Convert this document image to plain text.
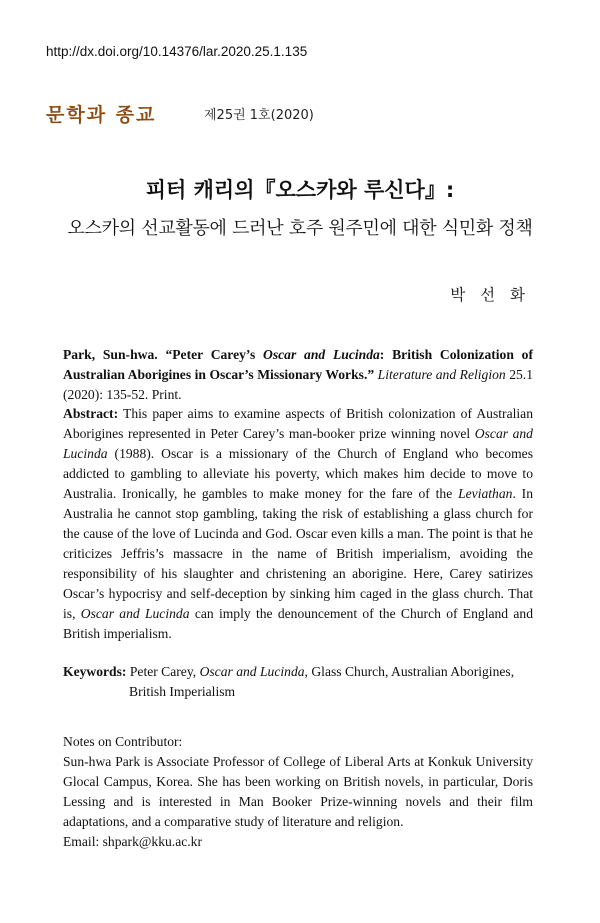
http://dx.doi.org/10.14376/lar.2020.25.1.135
문학과 종교	제25권 1호(2020)
피터 캐리의『오스카와 루신다』:
오스카의 선교활동에 드러난 호주 원주민에 대한 식민화 정책
박 선 화
Park, Sun-hwa. “Peter Carey’s Oscar and Lucinda: British Colonization of Australian Aborigines in Oscar’s Missionary Works.” Literature and Religion 25.1 (2020): 135-52. Print.
Abstract: This paper aims to examine aspects of British colonization of Australian Aborigines represented in Peter Carey’s man-booker prize winning novel Oscar and Lucinda (1988). Oscar is a missionary of the Church of England who becomes addicted to gambling to alleviate his poverty, which makes him decide to move to Australia. Ironically, he gambles to make money for the fare of the Leviathan. In Australia he cannot stop gambling, taking the risk of establishing a glass church for the cause of the love of Lucinda and God. Oscar even kills a man. The point is that he criticizes Jeffris’s massacre in the name of British imperialism, avoiding the responsibility of his slaughter and christening an aborigine. Here, Carey satirizes Oscar’s hypocrisy and self-deception by sinking him caged in the glass church. That is, Oscar and Lucinda can imply the denouncement of the Church of England and British imperialism.
Keywords: Peter Carey, Oscar and Lucinda, Glass Church, Australian Aborigines,
British Imperialism
Notes on Contributor:
Sun-hwa Park is Associate Professor of College of Liberal Arts at Konkuk University Glocal Campus, Korea. She has been working on British novels, in particular, Doris Lessing and is interested in Man Booker Prize-winning novels and their film adaptations, and a comparative study of literature and religion.
Email: shpark@kku.ac.kr
